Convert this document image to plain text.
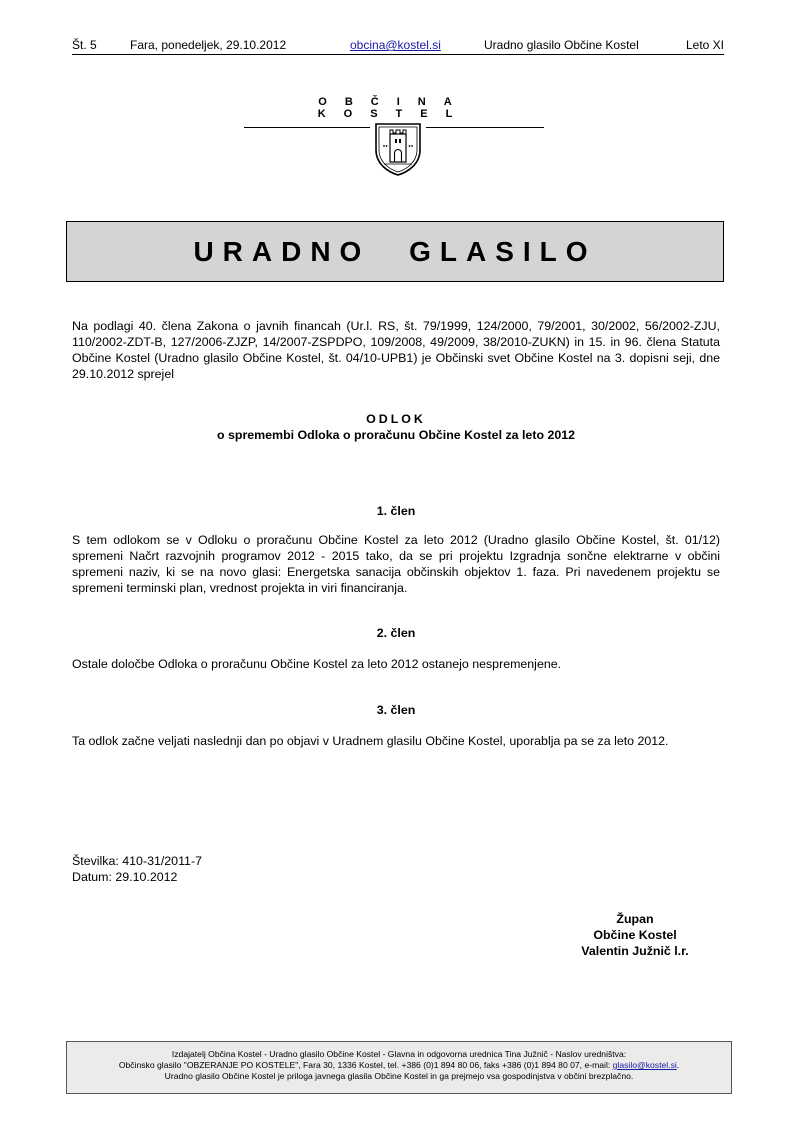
Št. 5	Fara, ponedeljek, 29.10.2012	obcina@kostel.si	Uradno glasilo Občine Kostel	Leto XI
OBČINA KOSTEL
URADNO GLASILO
Na podlagi 40. člena Zakona o javnih financah (Ur.l. RS, št. 79/1999, 124/2000, 79/2001, 30/2002, 56/2002-ZJU, 110/2002-ZDT-B, 127/2006-ZJZP, 14/2007-ZSPDPO, 109/2008, 49/2009, 38/2010-ZUKN) in 15. in 96. člena Statuta Občine Kostel (Uradno glasilo Občine Kostel, št. 04/10-UPB1) je Občinski svet Občine Kostel na 3. dopisni seji, dne 29.10.2012 sprejel
ODLOK
o spremembi Odloka o proračunu Občine Kostel za leto 2012
1. člen
S tem odlokom se v Odloku o proračunu Občine Kostel za leto 2012 (Uradno glasilo Občine Kostel, št. 01/12) spremeni Načrt razvojnih programov 2012 - 2015 tako, da se pri projektu Izgradnja sončne elektrarne v občini spremeni naziv, ki se na novo glasi: Energetska sanacija občinskih objektov 1. faza. Pri navedenem projektu se spremeni terminski plan, vrednost projekta in viri financiranja.
2. člen
Ostale določbe Odloka o proračunu Občine Kostel za leto 2012 ostanejo nespremenjene.
3. člen
Ta odlok začne veljati naslednji dan po objavi v Uradnem glasilu Občine Kostel, uporablja pa se za leto 2012.
Številka: 410-31/2011-7
Datum: 29.10.2012
Župan
Občine Kostel
Valentin Južnič l.r.
Izdajatelj Občina Kostel - Uradno glasilo Občine Kostel - Glavna in odgovorna urednica Tina Južnič - Naslov uredništva:
Občinsko glasilo "OBZERANJE PO KOSTELE", Fara 30, 1336 Kostel, tel. +386 (0)1 894 80 06, faks +386 (0)1 894 80 07, e-mail: glasilo@kostel.si.
Uradno glasilo Občine Kostel je priloga javnega glasila Občine Kostel in ga prejmejo vsa gospodinjstva v občini brezplačno.
